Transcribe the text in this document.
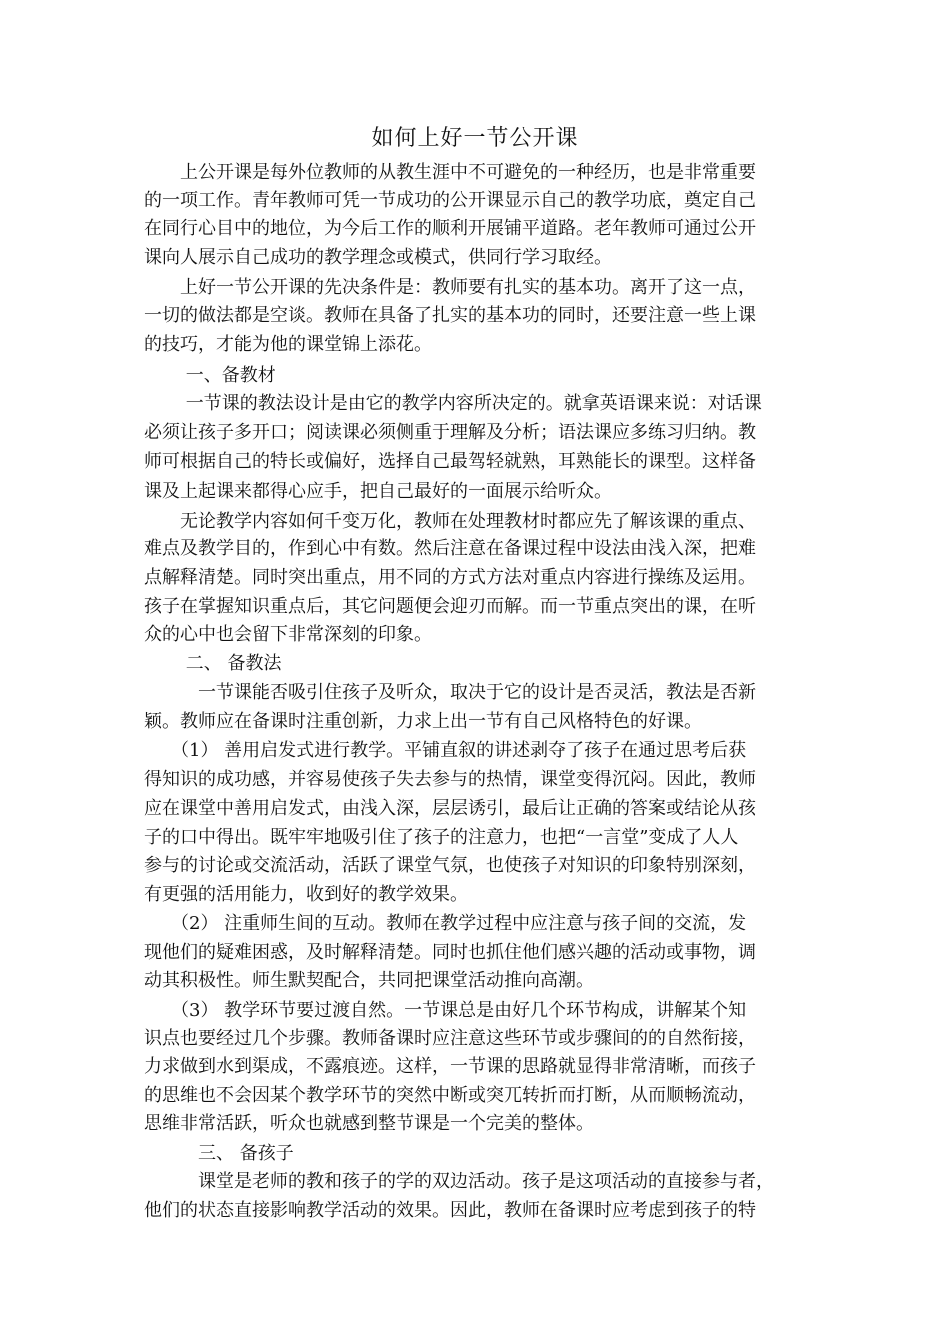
如何上好一节公开课
　　上公开课是每外位教师的从教生涯中不可避免的一种经历，也是非常重要
的一项工作。青年教师可凭一节成功的公开课显示自己的教学功底，奠定自己
在同行心目中的地位，为今后工作的顺利开展铺平道路。老年教师可通过公开
课向人展示自己成功的教学理念或模式，供同行学习取经。
　　上好一节公开课的先决条件是：教师要有扎实的基本功。离开了这一点，
一切的做法都是空谈。教师在具备了扎实的基本功的同时，还要注意一些上课
的技巧，才能为他的课堂锦上添花。
　　 一、备教材
　　 一节课的教法设计是由它的教学内容所决定的。就拿英语课来说：对话课
必须让孩子多开口；阅读课必须侧重于理解及分析；语法课应多练习归纳。教
师可根据自己的特长或偏好，选择自己最驾轻就熟，耳熟能长的课型。这样备
课及上起课来都得心应手，把自己最好的一面展示给听众。
　　无论教学内容如何千变万化，教师在处理教材时都应先了解该课的重点、
难点及教学目的，作到心中有数。然后注意在备课过程中设法由浅入深，把难
点解释清楚。同时突出重点，用不同的方式方法对重点内容进行操练及运用。
孩子在掌握知识重点后，其它问题便会迎刃而解。而一节重点突出的课，在听
众的心中也会留下非常深刻的印象。
　　 二、 备教法
　　　一节课能否吸引住孩子及听众，取决于它的设计是否灵活，教法是否新
颖。教师应在备课时注重创新，力求上出一节有自己风格特色的好课。
　　（1） 善用启发式进行教学。平铺直叙的讲述剥夺了孩子在通过思考后获
得知识的成功感，并容易使孩子失去参与的热情，课堂变得沉闷。因此，教师
应在课堂中善用启发式，由浅入深，层层诱引，最后让正确的答案或结论从孩
子的口中得出。既牢牢地吸引住了孩子的注意力，也把“一言堂”变成了人人
参与的讨论或交流活动，活跃了课堂气氛，也使孩子对知识的印象特别深刻，
有更强的活用能力，收到好的教学效果。
　　（2） 注重师生间的互动。教师在教学过程中应注意与孩子间的交流，发
现他们的疑难困惑，及时解释清楚。同时也抓住他们感兴趣的活动或事物，调
动其积极性。师生默契配合，共同把课堂活动推向高潮。
　　（3） 教学环节要过渡自然。一节课总是由好几个环节构成，讲解某个知
识点也要经过几个步骤。教师备课时应注意这些环节或步骤间的的自然衔接，
力求做到水到渠成，不露痕迹。这样，一节课的思路就显得非常清晰，而孩子
的思维也不会因某个教学环节的突然中断或突兀转折而打断，从而顺畅流动，
思维非常活跃，听众也就感到整节课是一个完美的整体。
　　　三、 备孩子
　　　课堂是老师的教和孩子的学的双边活动。孩子是这项活动的直接参与者，
他们的状态直接影响教学活动的效果。因此，教师在备课时应考虑到孩子的特
